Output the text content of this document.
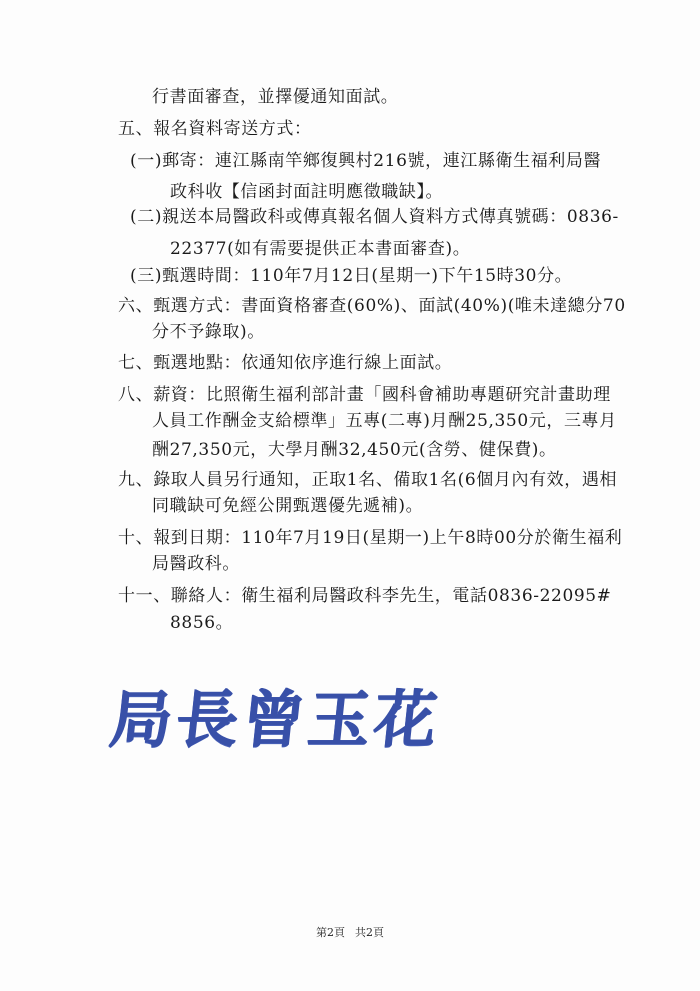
行書面審查，並擇優通知面試。
五、報名資料寄送方式：
(一)郵寄：連江縣南竿鄉復興村216號，連江縣衛生福利局醫
政科收【信函封面註明應徵職缺】。
(二)親送本局醫政科或傳真報名個人資料方式傳真號碼：0836-
22377(如有需要提供正本書面審查)。
(三)甄選時間：110年7月12日(星期一)下午15時30分。
六、甄選方式：書面資格審查(60%)、面試(40%)(唯未達總分70
分不予錄取)。
七、甄選地點：依通知依序進行線上面試。
八、薪資：比照衛生福利部計畫「國科會補助專題研究計畫助理
人員工作酬金支給標準」五專(二專)月酬25,350元，三專月
酬27,350元，大學月酬32,450元(含勞、健保費)。
九、錄取人員另行通知，正取1名、備取1名(6個月內有效，遇相
同職缺可免經公開甄選優先遞補)。
十、報到日期：110年7月19日(星期一)上午8時00分於衛生福利
局醫政科。
十一、聯絡人：衛生福利局醫政科李先生，電話0836-22095#
8856。
局長曾玉花
第2頁 共2頁
